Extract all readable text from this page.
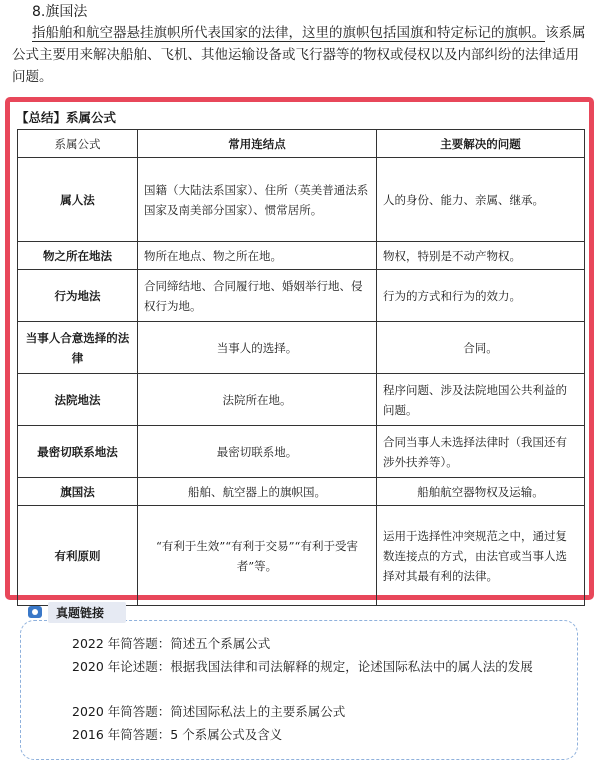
8.旗国法
指船舶和航空器悬挂旗帜所代表国家的法律，这里的旗帜包括国旗和特定标记的旗帜。该系属公式主要用来解决船舶、飞机、其他运输设备或飞行器等的物权或侵权以及内部纠纷的法律适用问题。
【总结】系属公式
系属公式	常用连结点	主要解决的问题
属人法	国籍（大陆法系国家）、住所（英美普通法系国家及南美部分国家）、惯常居所。	人的身份、能力、亲属、继承。
物之所在地法	物所在地点、物之所在地。	物权，特别是不动产物权。
行为地法	合同缔结地、合同履行地、婚姻举行地、侵权行为地。	行为的方式和行为的效力。
当事人合意选择的法律	当事人的选择。	合同。
法院地法	法院所在地。	程序问题、涉及法院地国公共利益的问题。
最密切联系地法	最密切联系地。	合同当事人未选择法律时（我国还有涉外扶养等）。
旗国法	船舶、航空器上的旗帜国。	船舶航空器物权及运输。
有利原则	“有利于生效”“有利于交易”“有利于受害者”等。	运用于选择性冲突规范之中，通过复数连接点的方式，由法官或当事人选择对其最有利的法律。
真题链接
2022 年简答题：简述五个系属公式
2020 年论述题：根据我国法律和司法解释的规定，论述国际私法中的属人法的发展
2020 年简答题：简述国际私法上的主要系属公式
2016 年简答题：5 个系属公式及含义
